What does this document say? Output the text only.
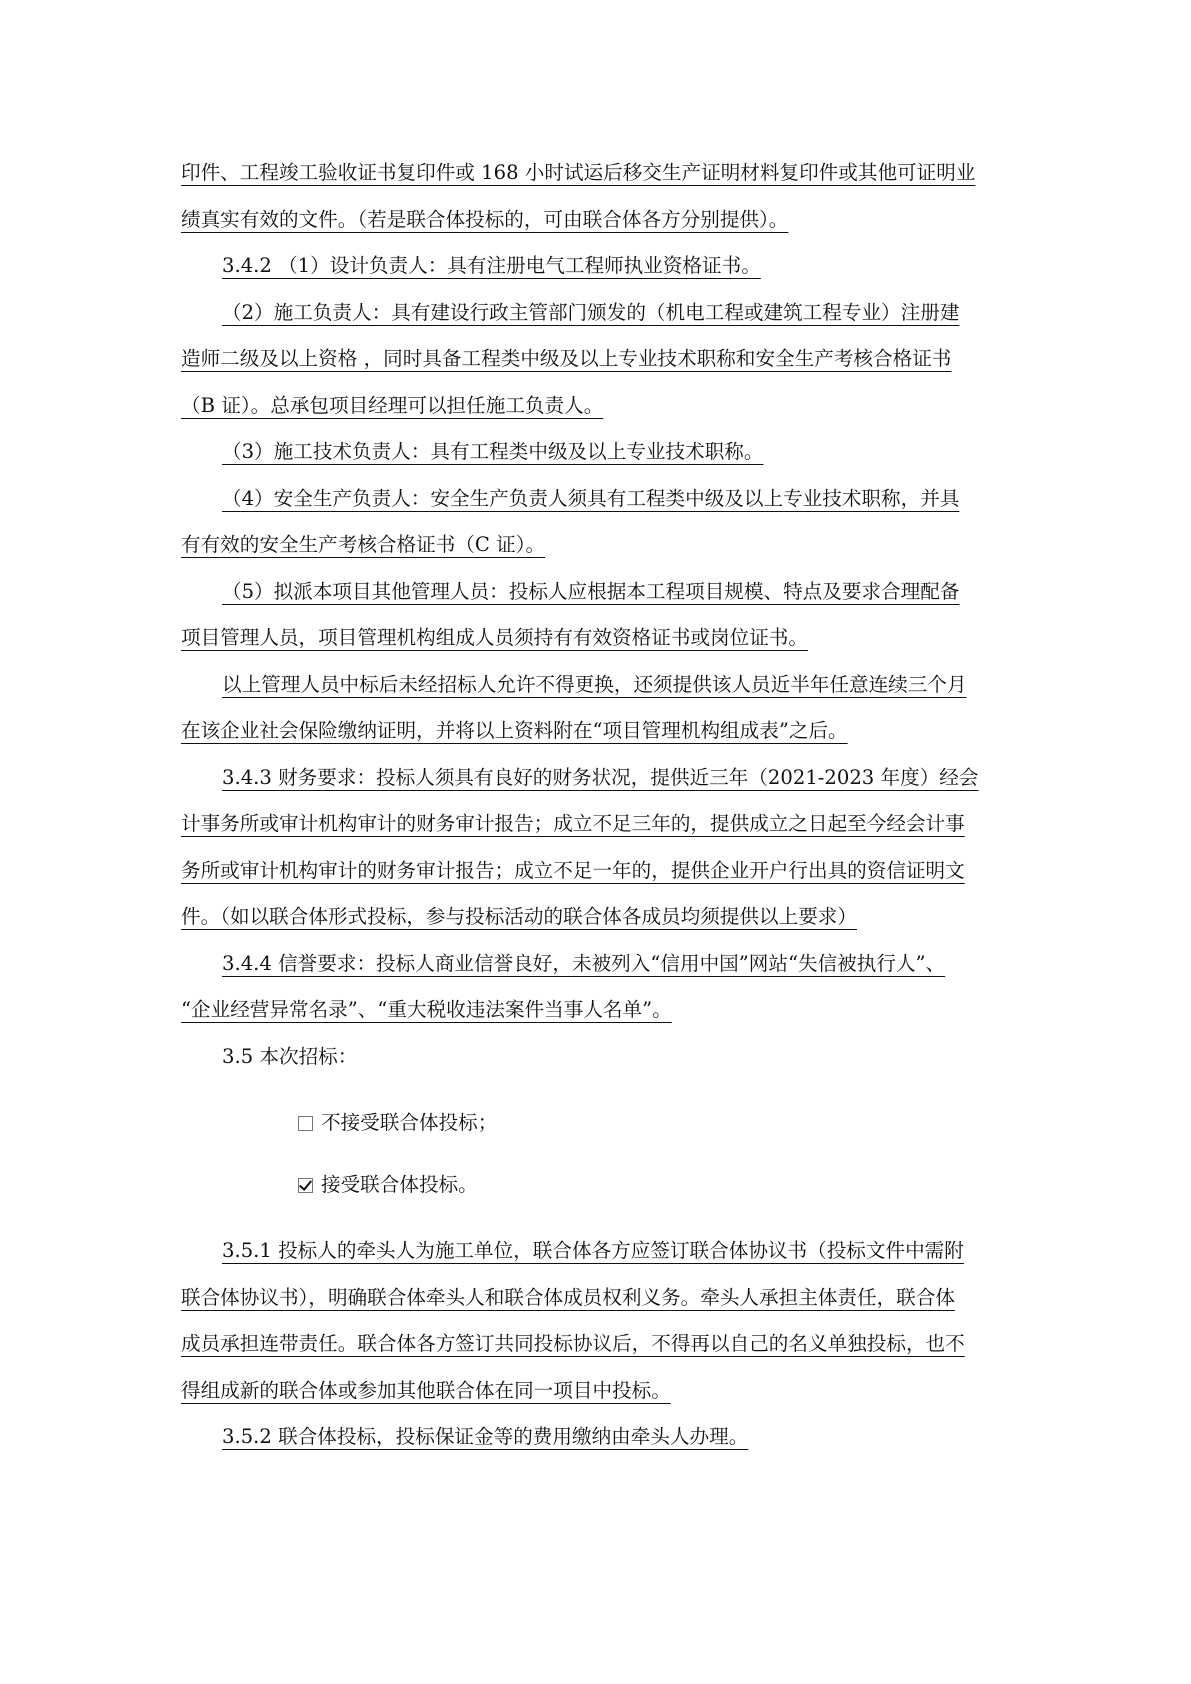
印件、工程竣工验收证书复印件或 168 小时试运后移交生产证明材料复印件或其他可证明业
绩真实有效的文件。（若是联合体投标的，可由联合体各方分别提供）。
3.4.2 （1）设计负责人：具有注册电气工程师执业资格证书。
（2）施工负责人：具有建设行政主管部门颁发的（机电工程或建筑工程专业）注册建
造师二级及以上资格 ，同时具备工程类中级及以上专业技术职称和安全生产考核合格证书
（B 证）。总承包项目经理可以担任施工负责人。
（3）施工技术负责人：具有工程类中级及以上专业技术职称。
（4）安全生产负责人：安全生产负责人须具有工程类中级及以上专业技术职称，并具
有有效的安全生产考核合格证书（C 证）。
（5）拟派本项目其他管理人员：投标人应根据本工程项目规模、特点及要求合理配备
项目管理人员，项目管理机构组成人员须持有有效资格证书或岗位证书。
以上管理人员中标后未经招标人允许不得更换，还须提供该人员近半年任意连续三个月
在该企业社会保险缴纳证明，并将以上资料附在“项目管理机构组成表”之后。
3.4.3 财务要求：投标人须具有良好的财务状况，提供近三年（2021-2023 年度）经会
计事务所或审计机构审计的财务审计报告；成立不足三年的，提供成立之日起至今经会计事
务所或审计机构审计的财务审计报告；成立不足一年的，提供企业开户行出具的资信证明文
件。（如以联合体形式投标，参与投标活动的联合体各成员均须提供以上要求）
3.4.4 信誉要求：投标人商业信誉良好，未被列入“信用中国”网站“失信被执行人”、
“企业经营异常名录”、“重大税收违法案件当事人名单”。
3.5 本次招标：
不接受联合体投标；
接受联合体投标。
3.5.1 投标人的牵头人为施工单位，联合体各方应签订联合体协议书（投标文件中需附
联合体协议书），明确联合体牵头人和联合体成员权利义务。牵头人承担主体责任，联合体
成员承担连带责任。联合体各方签订共同投标协议后，不得再以自己的名义单独投标，也不
得组成新的联合体或参加其他联合体在同一项目中投标。
3.5.2 联合体投标，投标保证金等的费用缴纳由牵头人办理。
